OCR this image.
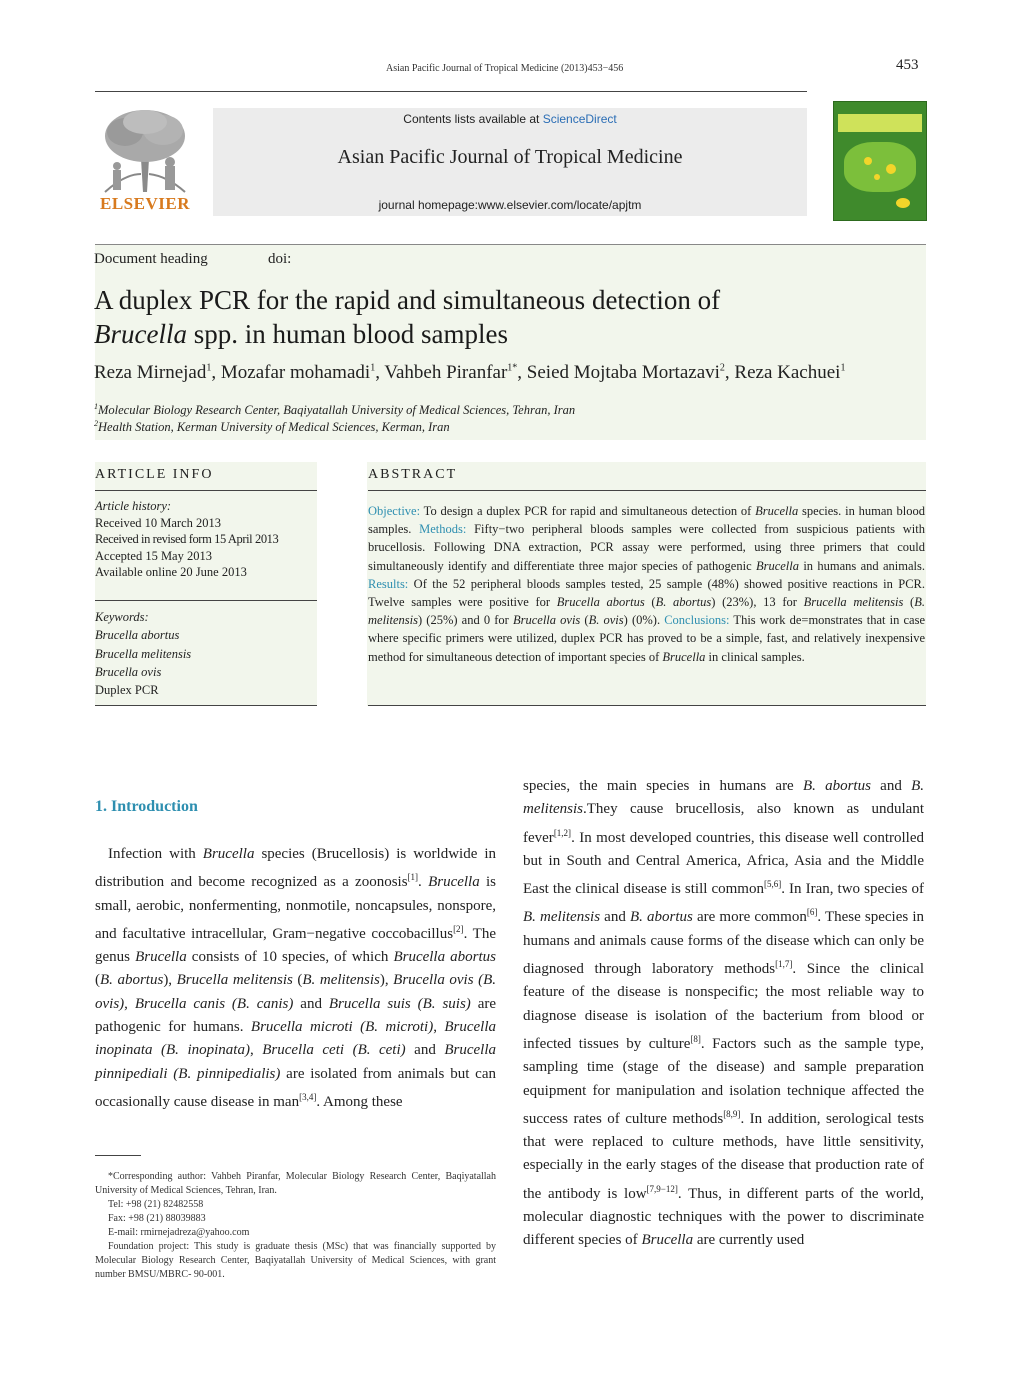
Asian Pacific Journal of Tropical Medicine (2013)453−456	453
ELSEVIER
Contents lists available at ScienceDirect
Asian Pacific Journal of Tropical Medicine
journal homepage:www.elsevier.com/locate/apjtm
Document heading	doi:
A duplex PCR for the rapid and simultaneous detection of
Brucella spp. in human blood samples
Reza Mirnejad$^1$, Mozafar mohamadi$^1$, Vahbeh Piranfar$^{1*}$, Seied Mojtaba Mortazavi$^2$, Reza Kachuei$^1$
$^1$Molecular Biology Research Center, Baqiyatallah University of Medical Sciences, Tehran, Iran
$^2$Health Station, Kerman University of Medical Sciences, Kerman, Iran
ARTICLE INFO
Article history:
Received 10 March 2013
Received in revised form 15 April 2013
Accepted 15 May 2013
Available online 20 June 2013
Keywords:
Brucella abortus
Brucella melitensis
Brucella ovis
Duplex PCR
ABSTRACT
Objective: To design a duplex PCR for rapid and simultaneous detection of Brucella species. in human blood samples. Methods: Fifty−two peripheral bloods samples were collected from suspicious patients with brucellosis. Following DNA extraction, PCR assay were performed, using three primers that could simultaneously identify and differentiate three major species of pathogenic Brucella in humans and animals. Results: Of the 52 peripheral bloods samples tested, 25 sample (48%) showed positive reactions in PCR. Twelve samples were positive for Brucella abortus (B. abortus) (23%), 13 for Brucella melitensis (B. melitensis) (25%) and 0 for Brucella ovis (B. ovis) (0%). Conclusions: This work de=monstrates that in case where specific primers were utilized, duplex PCR has proved to be a simple, fast, and relatively inexpensive method for simultaneous detection of important species of Brucella in clinical samples.
1. Introduction
Infection with Brucella species (Brucellosis) is worldwide in distribution and become recognized as a zoonosis[1]. Brucella is small, aerobic, nonfermenting, nonmotile, noncapsules, nonspore, and facultative intracellular, Gram−negative coccobacillus[2]. The genus Brucella consists of 10 species, of which Brucella abortus (B. abortus), Brucella melitensis (B. melitensis), Brucella ovis (B. ovis), Brucella canis (B. canis) and Brucella suis (B. suis) are pathogenic for humans. Brucella microti (B. microti), Brucella inopinata (B. inopinata), Brucella ceti (B. ceti) and Brucella pinnipediali (B. pinnipedialis) are isolated from animals but can occasionally cause disease in man[3,4]. Among these
species, the main species in humans are B. abortus and B. melitensis.They cause brucellosis, also known as undulant fever[1,2]. In most developed countries, this disease well controlled but in South and Central America, Africa, Asia and the Middle East the clinical disease is still common[5,6]. In Iran, two species of B. melitensis and B. abortus are more common[6]. These species in humans and animals cause forms of the disease which can only be diagnosed through laboratory methods[1,7]. Since the clinical feature of the disease is nonspecific; the most reliable way to diagnose disease is isolation of the bacterium from blood or infected tissues by culture[8]. Factors such as the sample type, sampling time (stage of the disease) and sample preparation equipment for manipulation and isolation technique affected the success rates of culture methods[8,9]. In addition, serological tests that were replaced to culture methods, have little sensitivity, especially in the early stages of the disease that production rate of the antibody is low[7,9−12]. Thus, in different parts of the world, molecular diagnostic techniques with the power to discriminate different species of Brucella are currently used
*Corresponding author: Vahbeh Piranfar, Molecular Biology Research Center, Baqiyatallah University of Medical Sciences, Tehran, Iran.
Tel: +98 (21) 82482558
Fax: +98 (21) 88039883
E-mail: rmirnejadreza@yahoo.com
Foundation project: This study is graduate thesis (MSc) that was financially supported by Molecular Biology Research Center, Baqiyatallah University of Medical Sciences, with grant number BMSU/MBRC- 90-001.
